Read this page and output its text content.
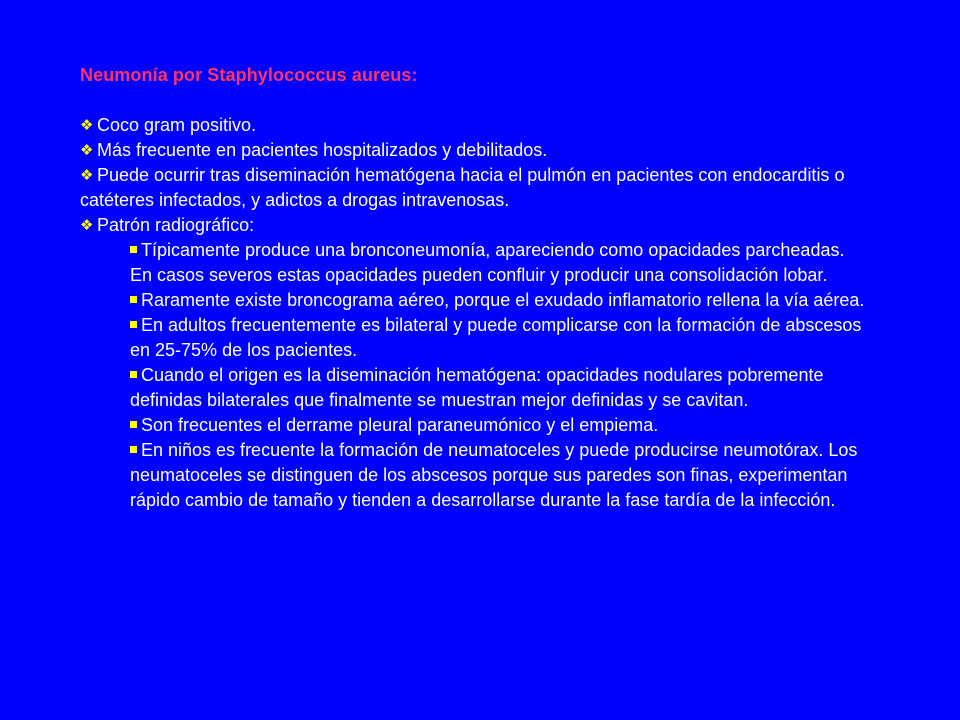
Neumonía por Staphylococcus aureus:
❖ Coco gram positivo.
❖ Más frecuente en pacientes hospitalizados y debilitados.
❖ Puede ocurrir tras diseminación hematógena hacia el pulmón en pacientes con endocarditis o catéteres infectados, y adictos a drogas intravenosas.
❖ Patrón radiográfico:
Típicamente produce una bronconeumonía, apareciendo como opacidades parcheadas. En casos severos estas opacidades pueden confluir y producir una consolidación lobar.
Raramente existe broncograma aéreo, porque el exudado inflamatorio rellena la vía aérea.
En adultos frecuentemente es bilateral y puede complicarse con la formación de abscesos en 25-75% de los pacientes.
Cuando el origen es la diseminación hematógena: opacidades nodulares pobremente definidas bilaterales que finalmente se muestran mejor definidas y se cavitan.
Son frecuentes el derrame pleural paraneumónico y el empiema.
En niños es frecuente la formación de neumatoceles y puede producirse neumotórax. Los neumatoceles se distinguen de los abscesos porque sus paredes son finas, experimentan rápido cambio de tamaño y tienden a desarrollarse durante la fase tardía de la infección.
